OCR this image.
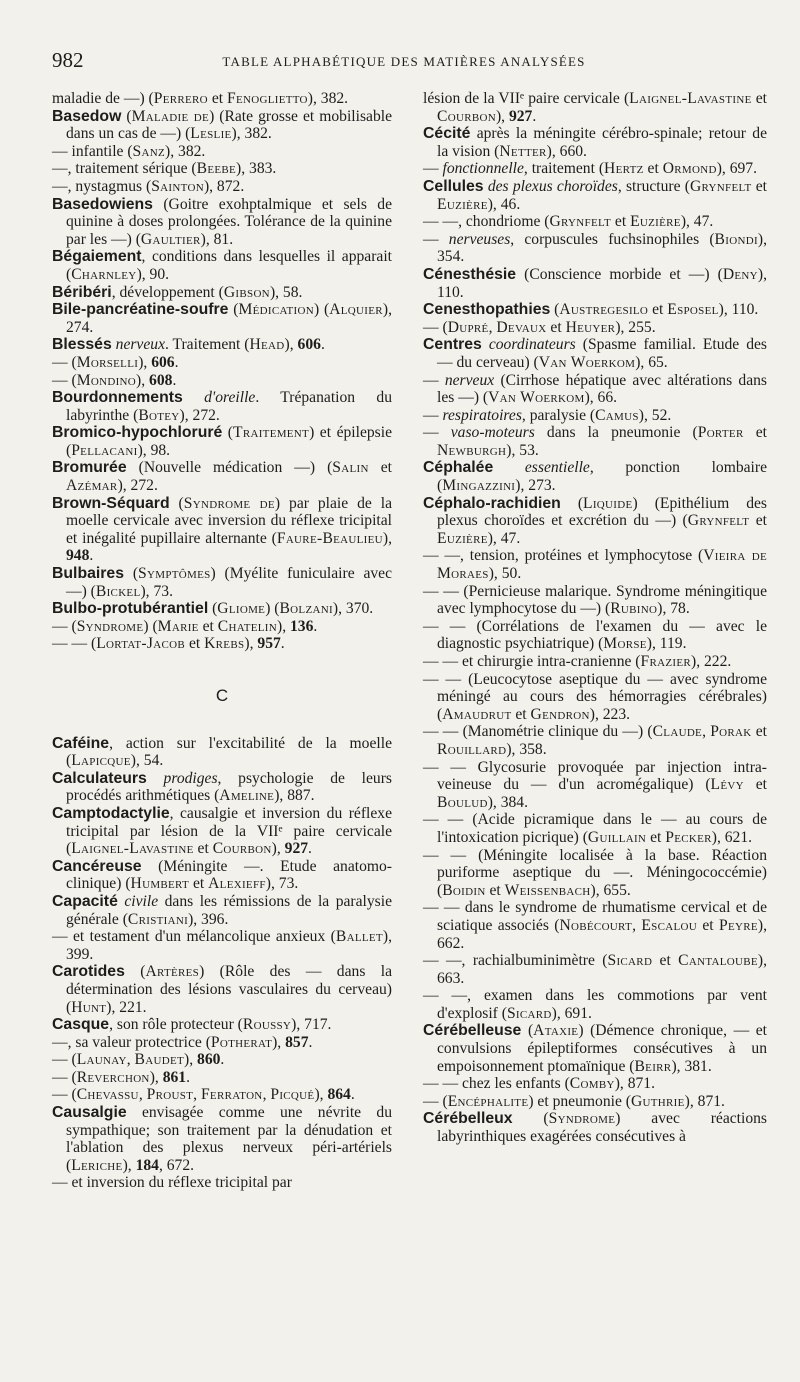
982	TABLE ALPHABÉTIQUE DES MATIÈRES ANALYSÉES

maladie de —) (Perrero et Fenoglietto), 382.

Basedow (Maladie de) (Rate grosse et mobilisable dans un cas de —) (Leslie), 382.

— infantile (Sanz), 382.

—, traitement sérique (Beebe), 383.

—, nystagmus (Sainton), 872.

Basedowiens (Goitre exohptalmique et sels de quinine à doses prolongées. Tolérance de la quinine par les —) (Gaultier), 81.

Bégaiement, conditions dans lesquelles il apparait (Charnley), 90.

Béribéri, développement (Gibson), 58.

Bile-pancréatine-soufre (Médication) (Alquier), 274.

Blessés nerveux. Traitement (Head), 606.

— (Morselli), 606.

— (Mondino), 608.

Bourdonnements d'oreille. Trépanation du labyrinthe (Botey), 272.

Bromico-hypochloruré (Traitement) et épilepsie (Pellacani), 98.

Bromurée (Nouvelle médication —) (Salin et Azémar), 272.

Brown-Séquard (Syndrome de) par plaie de la moelle cervicale avec inversion du réflexe tricipital et inégalité pupillaire alternante (Faure-Beaulieu), 948.

Bulbaires (Symptômes) (Myélite funiculaire avec —) (Bickel), 73.

Bulbo-protubérantiel (Gliome) (Bolzani), 370.

— (Syndrome) (Marie et Chatelin), 136.

— — (Lortat-Jacob et Krebs), 957.

C

Caféine, action sur l'excitabilité de la moelle (Lapicque), 54.

Calculateurs prodiges, psychologie de leurs procédés arithmétiques (Ameline), 887.

Camptodactylie, causalgie et inversion du réflexe tricipital par lésion de la VIIᵉ paire cervicale (Laignel-Lavastine et Courbon), 927.

Cancéreuse (Méningite —. Etude anatomo-clinique) (Humbert et Alexieff), 73.

Capacité civile dans les rémissions de la paralysie générale (Cristiani), 396.

— et testament d'un mélancolique anxieux (Ballet), 399.

Carotides (Artères) (Rôle des — dans la détermination des lésions vasculaires du cerveau) (Hunt), 221.

Casque, son rôle protecteur (Roussy), 717.

—, sa valeur protectrice (Potherat), 857.

— (Launay, Baudet), 860.

— (Reverchon), 861.

— (Chevassu, Proust, Ferraton, Picqué), 864.

Causalgie envisagée comme une névrite du sympathique; son traitement par la dénudation et l'ablation des plexus nerveux péri-artériels (Leriche), 184, 672.

— et inversion du réflexe tricipital par

lésion de la VIIᵉ paire cervicale (Laignel-Lavastine et Courbon), 927.

Cécité après la méningite cérébro-spinale; retour de la vision (Netter), 660.

— fonctionnelle, traitement (Hertz et Ormond), 697.

Cellules des plexus choroïdes, structure (Grynfelt et Euzière), 46.

— —, chondriome (Grynfelt et Euzière), 47.

— nerveuses, corpuscules fuchsinophiles (Biondi), 354.

Cénesthésie (Conscience morbide et —) (Deny), 110.

Cenesthopathies (Austregesilo et Esposel), 110.

— (Dupré, Devaux et Heuyer), 255.

Centres coordinateurs (Spasme familial. Etude des — du cerveau) (Van Woerkom), 65.

— nerveux (Cirrhose hépatique avec altérations dans les —) (Van Woerkom), 66.

— respiratoires, paralysie (Camus), 52.

— vaso-moteurs dans la pneumonie (Porter et Newburgh), 53.

Céphalée essentielle, ponction lombaire (Mingazzini), 273.

Céphalo-rachidien (Liquide) (Epithélium des plexus choroïdes et excrétion du —) (Grynfelt et Euzière), 47.

— —, tension, protéines et lymphocytose (Vieira de Moraes), 50.

— — (Pernicieuse malarique. Syndrome méningitique avec lymphocytose du —) (Rubino), 78.

— — (Corrélations de l'examen du — avec le diagnostic psychiatrique) (Morse), 119.

— — et chirurgie intra-cranienne (Frazier), 222.

— — (Leucocytose aseptique du — avec syndrome méningé au cours des hémorragies cérébrales) (Amaudrut et Gendron), 223.

— — (Manométrie clinique du —) (Claude, Porak et Rouillard), 358.

— — Glycosurie provoquée par injection intra-veineuse du — d'un acromégalique) (Lévy et Boulud), 384.

— — (Acide picramique dans le — au cours de l'intoxication picrique) (Guillain et Pecker), 621.

— — (Méningite localisée à la base. Réaction puriforme aseptique du —. Méningococcémie) (Boidin et Weissenbach), 655.

— — dans le syndrome de rhumatisme cervical et de sciatique associés (Nobécourt, Escalou et Peyre), 662.

— —, rachialbuminimètre (Sicard et Cantaloube), 663.

— —, examen dans les commotions par vent d'explosif (Sicard), 691.

Cérébelleuse (Ataxie) (Démence chronique, — et convulsions épileptiformes consécutives à un empoisonnement ptomaïnique (Beirr), 381.

— — chez les enfants (Comby), 871.

— (Encéphalite) et pneumonie (Guthrie), 871.

Cérébelleux (Syndrome) avec réactions labyrinthiques exagérées consécutives à
